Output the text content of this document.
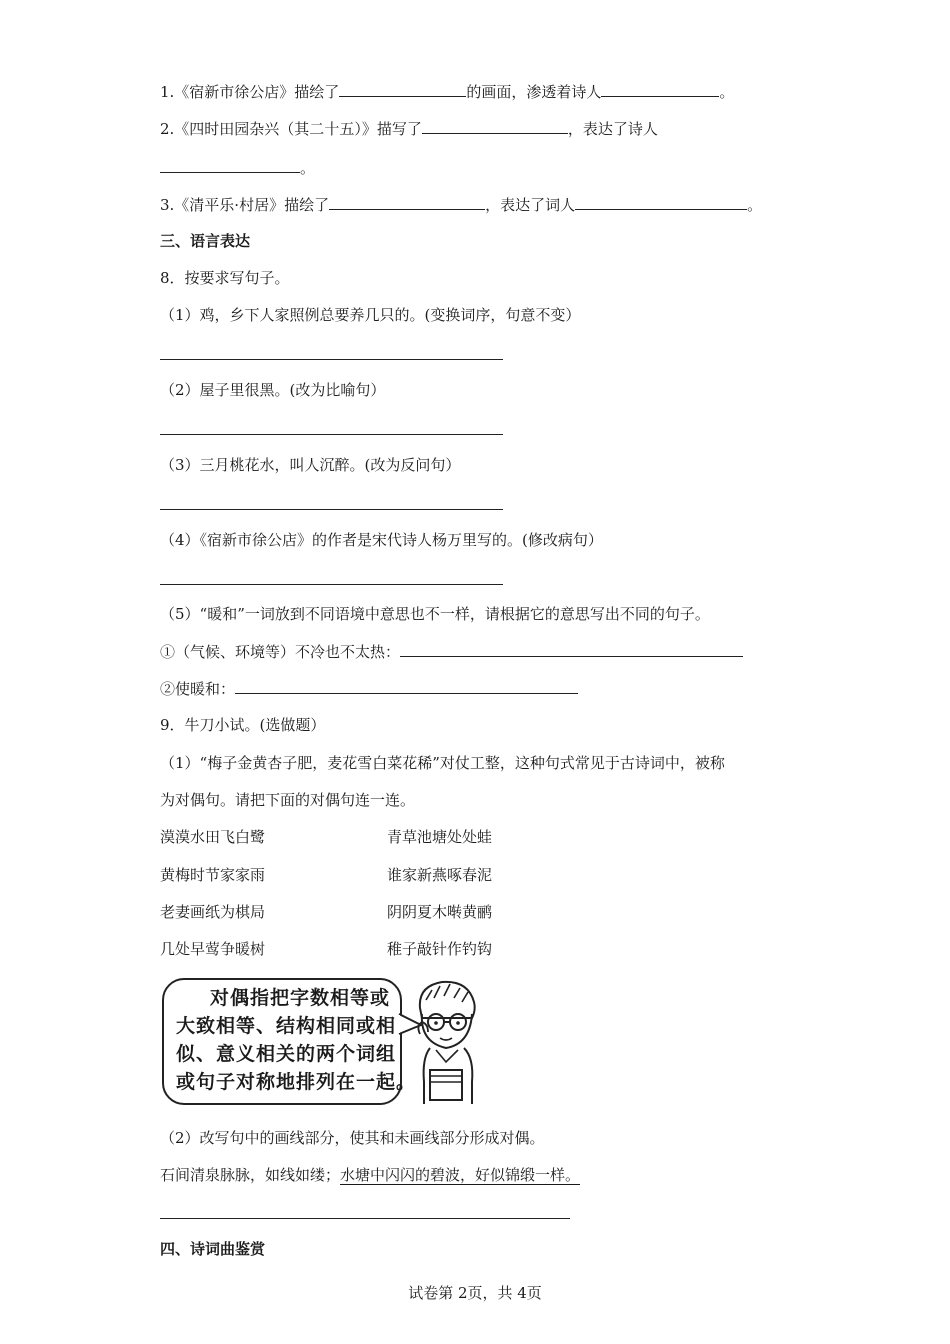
1.《宿新市徐公店》描绘了	的画面，渗透着诗人	。
2.《四时田园杂兴（其二十五）》描写了	，表达了诗人
。
3.《清平乐·村居》描绘了	，表达了词人	。
三、语言表达
8．按要求写句子。
（1）鸡，乡下人家照例总要养几只的。(变换词序，句意不变）
（2）屋子里很黑。(改为比喻句）
（3）三月桃花水，叫人沉醉。(改为反问句）
（4）《宿新市徐公店》的作者是宋代诗人杨万里写的。(修改病句）
（5）“暖和”一词放到不同语境中意思也不一样，请根据它的意思写出不同的句子。
①（气候、环境等）不冷也不太热：
②使暖和：
9．牛刀小试。(选做题）
（1）“梅子金黄杏子肥，麦花雪白菜花稀”对仗工整，这种句式常见于古诗词中，被称
为对偶句。请把下面的对偶句连一连。
漠漠水田飞白鹭	青草池塘处处蛙
黄梅时节家家雨	谁家新燕啄春泥
老妻画纸为棋局	阴阴夏木啭黄鹂
几处早莺争暖树	稚子敲针作钓钩
对偶指把字数相等或
大致相等、结构相同或相
似、意义相关的两个词组
或句子对称地排列在一起。
（2）改写句中的画线部分，使其和未画线部分形成对偶。
石间清泉脉脉，如线如缕；水塘中闪闪的碧波，好似锦缎一样。
四、诗词曲鉴赏
试卷第 2页，共 4页
